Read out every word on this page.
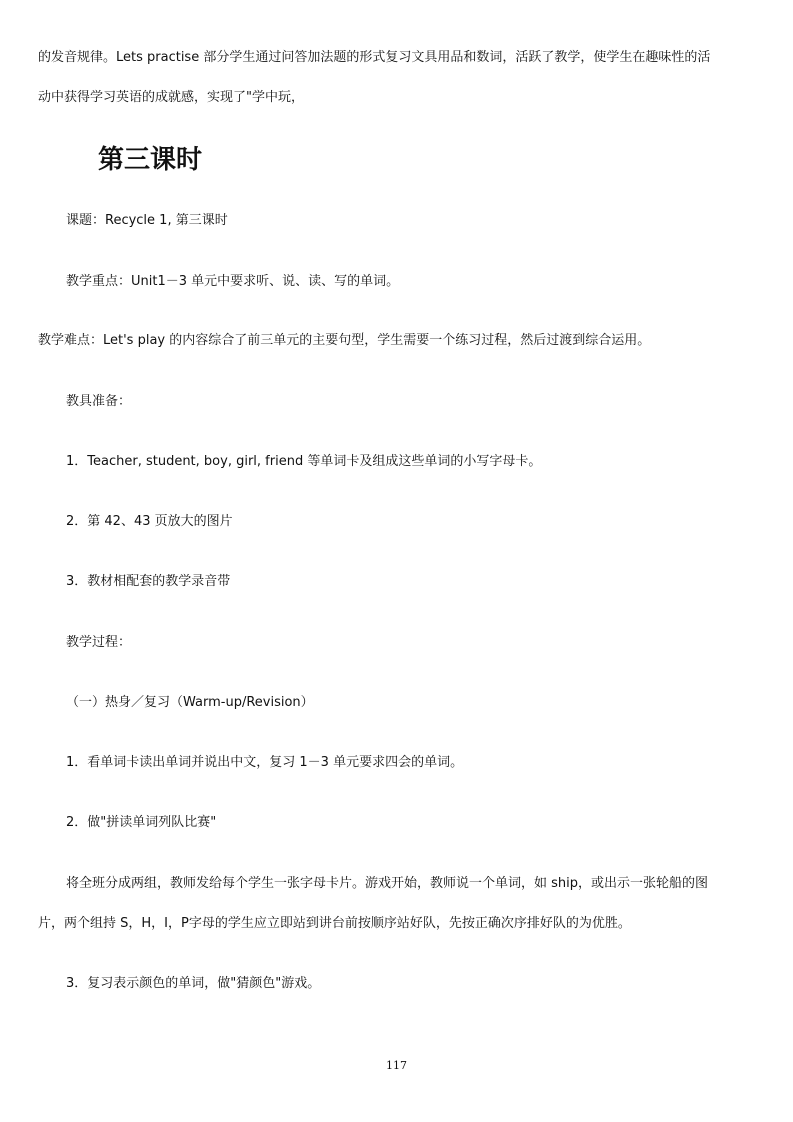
的发音规律。Lets practise 部分学生通过问答加法题的形式复习文具用品和数词，活跃了教学，使学生在趣味性的活
动中获得学习英语的成就感，实现了"学中玩，
第三课时
课题：Recycle 1, 第三课时
教学重点：Unit1－3 单元中要求听、说、读、写的单词。
教学难点：Let's play 的内容综合了前三单元的主要句型，学生需要一个练习过程，然后过渡到综合运用。
教具准备：
1．Teacher, student, boy, girl, friend 等单词卡及组成这些单词的小写字母卡。
2．第 42、43 页放大的图片
3．教材相配套的教学录音带
教学过程：
（一）热身／复习（Warm-up/Revision）
1．看单词卡读出单词并说出中文，复习 1－3 单元要求四会的单词。
2．做"拼读单词列队比赛"
将全班分成两组，教师发给每个学生一张字母卡片。游戏开始，教师说一个单词，如 ship，或出示一张轮船的图
片，两个组持 S，H，I，P字母的学生应立即站到讲台前按顺序站好队，先按正确次序排好队的为优胜。
3．复习表示颜色的单词，做"猜颜色"游戏。
117
